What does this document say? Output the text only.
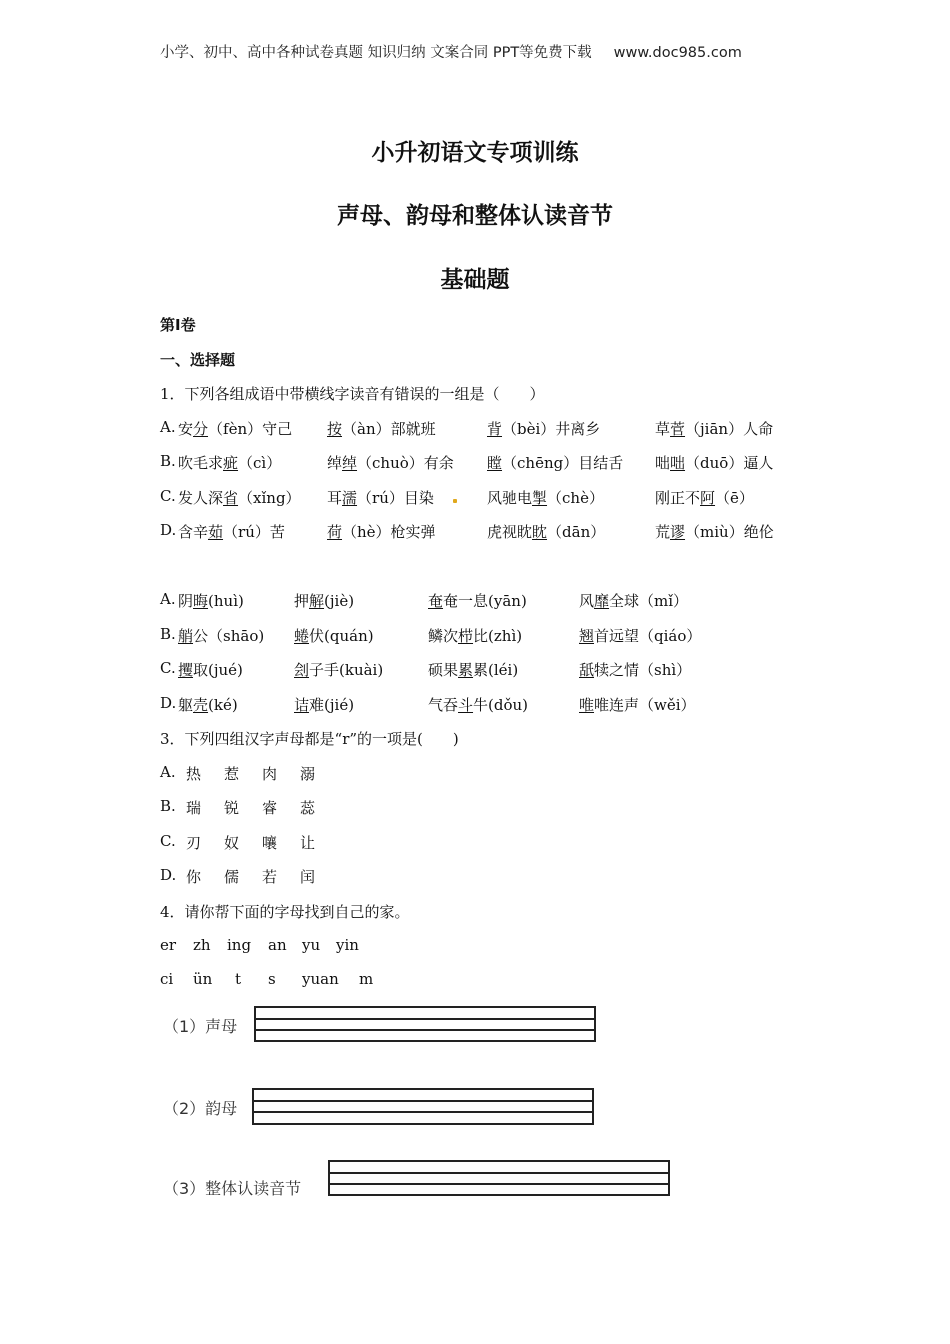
小学、初中、高中各种试卷真题 知识归纳 文案合同 PPT等免费下载 www.doc985.com
小升初语文专项训练
声母、韵母和整体认读音节
基础题
第Ⅰ卷
一、选择题
1．下列各组成语中带横线字读音有错误的一组是（　　）
A. 安分（fèn）守己 按（àn）部就班	背（bèi）井离乡	草菅（jiān）人命
B. 吹毛求疵（cì）	绰绰（chuò）有余 瞠（chēng）目结舌 咄咄（duō）逼人
C. 发人深省（xǐng） 耳濡（rú）目染	风驰电掣（chè）	刚正不阿（ē）
D. 含辛茹（rú）苦	荷（hè）枪实弹	虎视眈眈（dān）	荒谬（miù）绝伦
A. 阴晦(huì)	押解(jiè)	奄奄一息(yān)	风靡全球（mǐ）
B. 艄公（shāo) 蜷伏(quán)	鳞次栉比(zhì)	翘首远望（qiáo）
C. 攫取(jué)	刽子手(kuài)	硕果累累(léi)	舐犊之情（shì）
D. 躯壳(ké)	诘难(jié)	气吞斗牛(dǒu)	唯唯连声（wěi）
3．下列四组汉字声母都是“r”的一项是(　　)
A. 热 惹 肉 溺
B. 瑞 锐 睿 蕊
C. 刃 奴 嚷 让
D. 你 儒 若 闰
4．请你帮下面的字母找到自己的家。
er zh ing an yu yin
ci ün t s yuan m
（1）声母
（2）韵母
（3）整体认读音节
